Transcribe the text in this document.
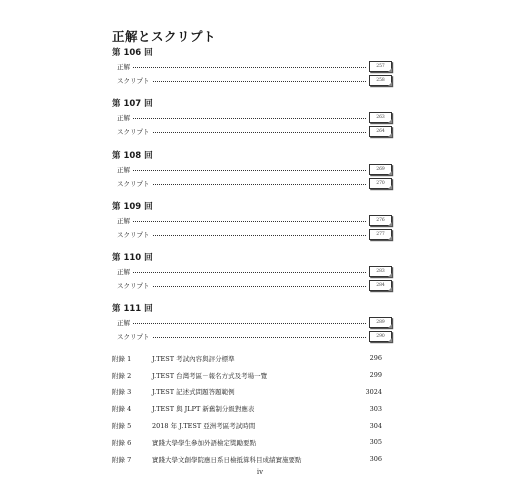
正解とスクリプト
第 106 回
正解	257
スクリプト	258
第 107 回
正解	263
スクリプト	264
第 108 回
正解	269
スクリプト	270
第 109 回
正解	276
スクリプト	277
第 110 回
正解	283
スクリプト	284
第 111 回
正解	289
スクリプト	290
附錄 1	J.TEST 考試內容與評分標準	296
附錄 2	J.TEST 台灣考區－報名方式及考場一覽	299
附錄 3	J.TEST 記述式問題答題範例	3024
附錄 4	J.TEST 與 JLPT 新舊制分級對應表	303
附錄 5	2018 年 J.TEST 亞洲考區考試時間	304
附錄 6	實踐大學學生參加外語檢定獎勵要點	305
附錄 7	實踐大學文創學院應日系日檢抵算科目成績實施要點	306
iv
